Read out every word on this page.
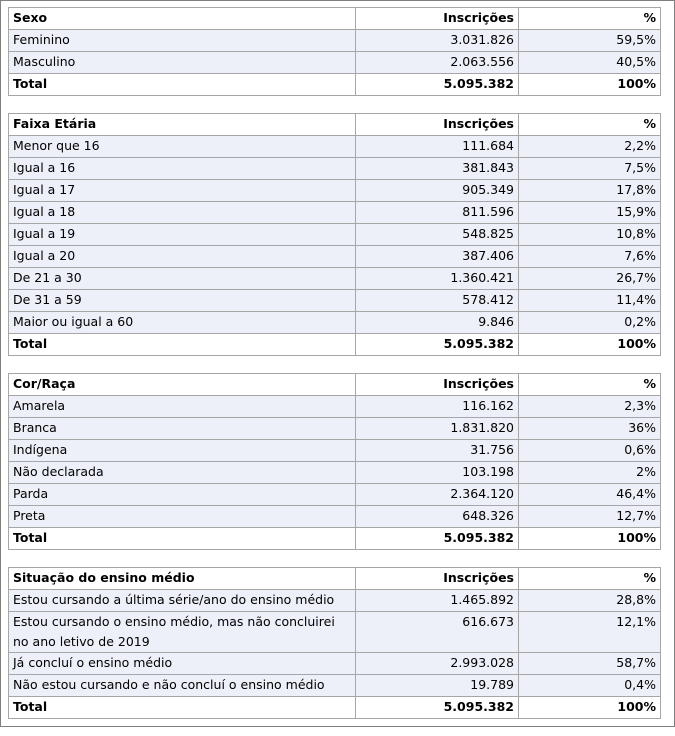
Sexo	Inscrições	%
Feminino	3.031.826	59,5%
Masculino	2.063.556	40,5%
Total	5.095.382	100%
Faixa Etária	Inscrições	%
Menor que 16	111.684	2,2%
Igual a 16	381.843	7,5%
Igual a 17	905.349	17,8%
Igual a 18	811.596	15,9%
Igual a 19	548.825	10,8%
Igual a 20	387.406	7,6%
De 21 a 30	1.360.421	26,7%
De 31 a 59	578.412	11,4%
Maior ou igual a 60	9.846	0,2%
Total	5.095.382	100%
Cor/Raça	Inscrições	%
Amarela	116.162	2,3%
Branca	1.831.820	36%
Indígena	31.756	0,6%
Não declarada	103.198	2%
Parda	2.364.120	46,4%
Preta	648.326	12,7%
Total	5.095.382	100%
Situação do ensino médio	Inscrições	%
Estou cursando a última série/ano do ensino médio	1.465.892	28,8%
Estou cursando o ensino médio, mas não concluirei no ano letivo de 2019	616.673	12,1%
Já concluí o ensino médio	2.993.028	58,7%
Não estou cursando e não concluí o ensino médio	19.789	0,4%
Total	5.095.382	100%
